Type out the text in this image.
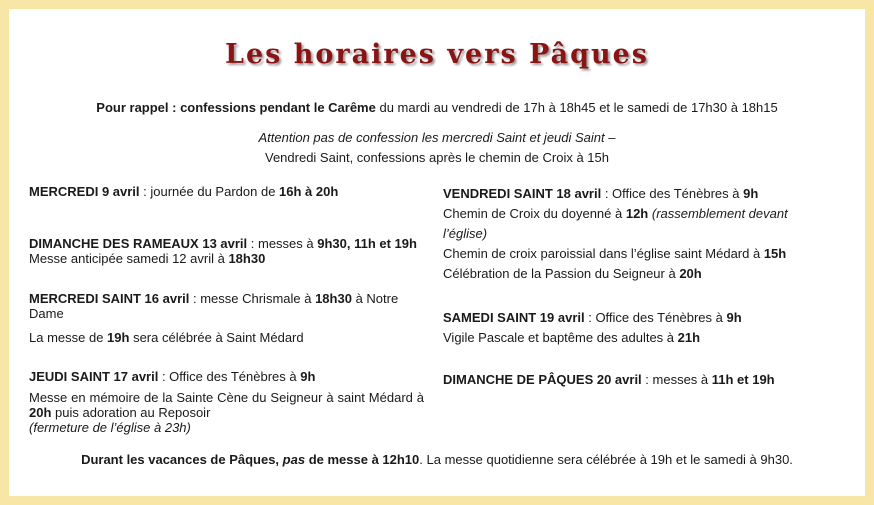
Les horaires vers Pâques
Pour rappel : confessions pendant le Carême du mardi au vendredi de 17h à 18h45 et le samedi de 17h30 à 18h15
Attention pas de confession les mercredi Saint et jeudi Saint –
Vendredi Saint, confessions après le chemin de Croix à 15h

MERCREDI 9 avril : journée du Pardon de 16h à 20h

DIMANCHE DES RAMEAUX 13 avril : messes à 9h30, 11h et 19h Messe anticipée samedi 12 avril à 18h30

MERCREDI SAINT 16 avril : messe Chrismale à 18h30 à Notre Dame

La messe de 19h sera célébrée à Saint Médard

JEUDI SAINT 17 avril : Office des Ténèbres à 9h

Messe en mémoire de la Sainte Cène du Seigneur à saint Médard à 20h puis adoration au Reposoir

(fermeture de l’église à 23h)

VENDREDI SAINT 18 avril : Office des Ténèbres à 9h

Chemin de Croix du doyenné à 12h (rassemblement devant l’église)

Chemin de croix paroissial dans l’église saint Médard à 15h

Célébration de la Passion du Seigneur à 20h

SAMEDI SAINT 19 avril : Office des Ténèbres à 9h

Vigile Pascale et baptême des adultes à 21h

DIMANCHE DE PÂQUES 20 avril : messes à 11h et 19h

Durant les vacances de Pâques, pas de messe à 12h10. La messe quotidienne sera célébrée à 19h et le samedi à 9h30.
